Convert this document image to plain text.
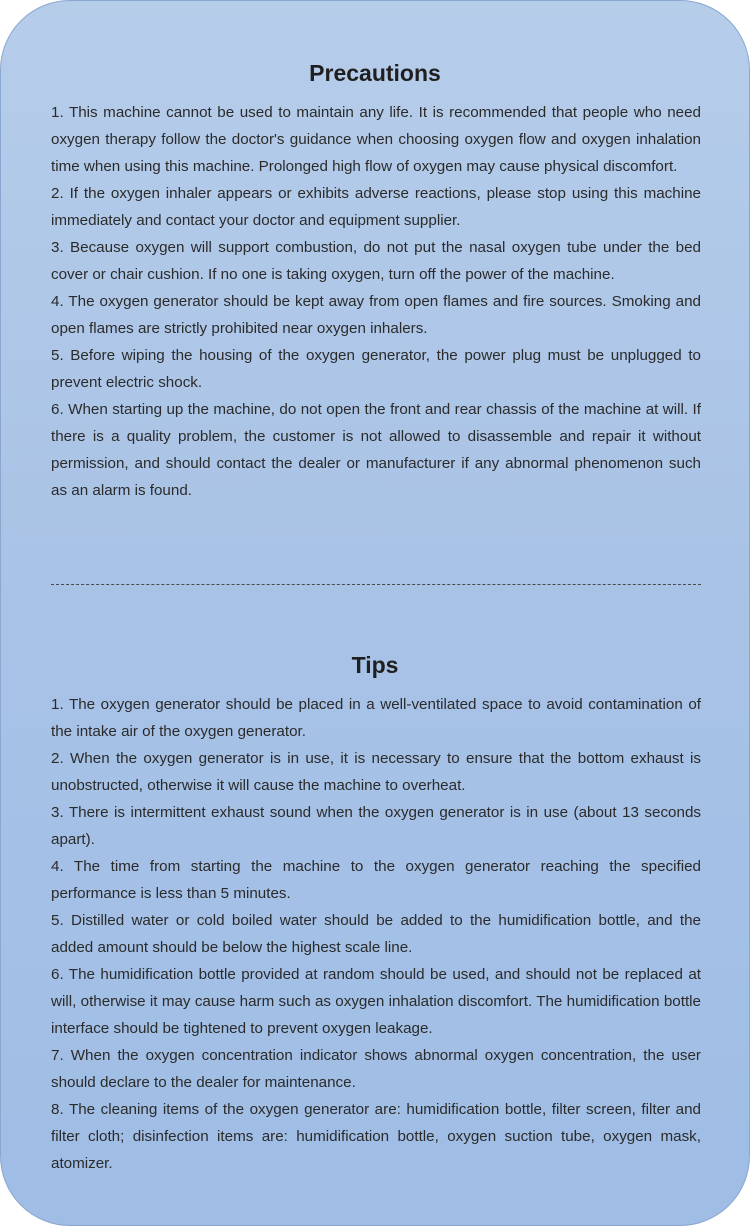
Precautions
1. This machine cannot be used to maintain any life. It is recommended that people who need oxygen therapy follow the doctor's guidance when choosing oxygen flow and oxygen inhalation time when using this machine. Prolonged high flow of oxygen may cause physical discomfort.
2. If the oxygen inhaler appears or exhibits adverse reactions, please stop using this machine immediately and contact your doctor and equipment supplier.
3. Because oxygen will support combustion, do not put the nasal oxygen tube under the bed cover or chair cushion. If no one is taking oxygen, turn off the power of the machine.
4. The oxygen generator should be kept away from open flames and fire sources. Smoking and open flames are strictly prohibited near oxygen inhalers.
5. Before wiping the housing of the oxygen generator, the power plug must be unplugged to prevent electric shock.
6. When starting up the machine, do not open the front and rear chassis of the machine at will. If there is a quality problem, the customer is not allowed to disassemble and repair it without permission, and should contact the dealer or manufacturer if any abnormal phenomenon such as an alarm is found.
Tips
1. The oxygen generator should be placed in a well-ventilated space to avoid contamination of the intake air of the oxygen generator.
2. When the oxygen generator is in use, it is necessary to ensure that the bottom exhaust is unobstructed, otherwise it will cause the machine to overheat.
3. There is intermittent exhaust sound when the oxygen generator is in use (about 13 seconds apart).
4. The time from starting the machine to the oxygen generator reaching the specified performance is less than 5 minutes.
5. Distilled water or cold boiled water should be added to the humidification bottle, and the added amount should be below the highest scale line.
6. The humidification bottle provided at random should be used, and should not be replaced at will, otherwise it may cause harm such as oxygen inhalation discomfort. The humidification bottle interface should be tightened to prevent oxygen leakage.
7. When the oxygen concentration indicator shows abnormal oxygen concentration, the user should declare to the dealer for maintenance.
8. The cleaning items of the oxygen generator are: humidification bottle, filter screen, filter and filter cloth; disinfection items are: humidification bottle, oxygen suction tube, oxygen mask, atomizer.
